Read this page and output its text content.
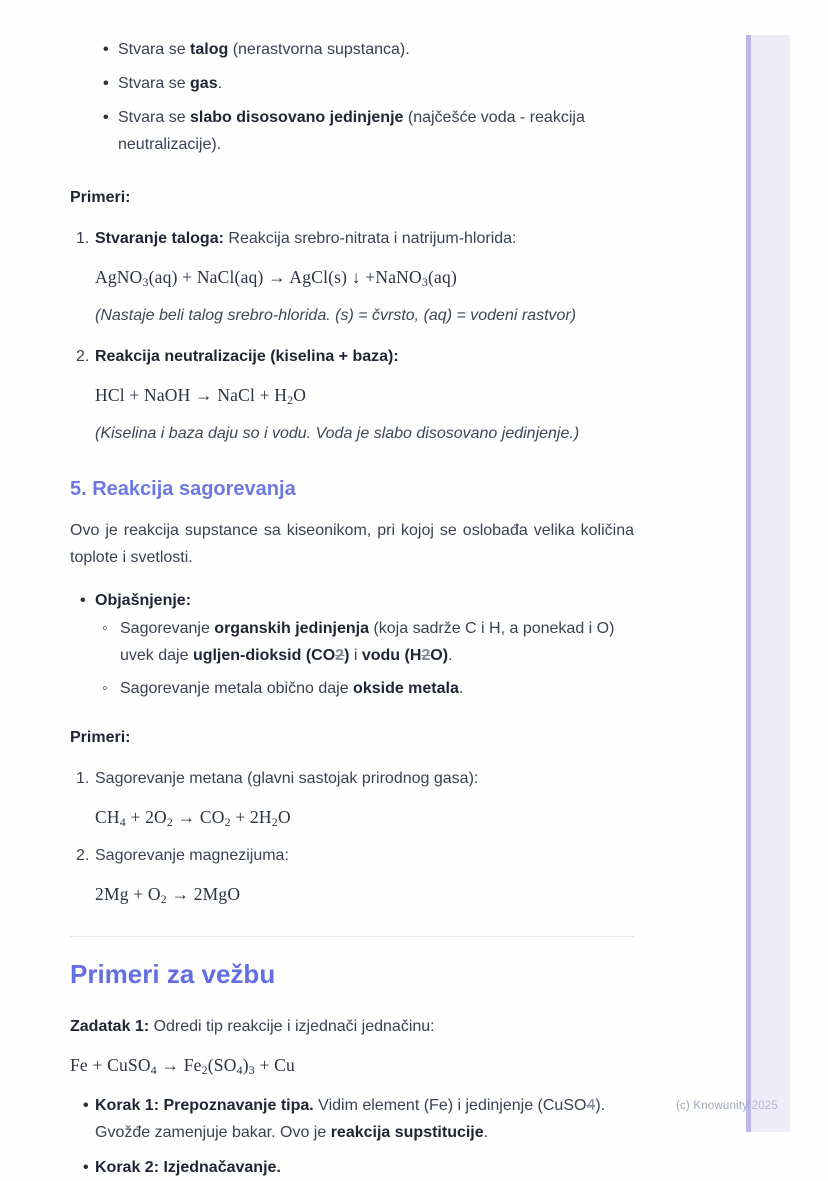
• Stvara se talog (nerastvorna supstanca).
• Stvara se gas.
• Stvara se slabo disosovano jedinjenje (najčešće voda - reakcija neutralizacije).

Primeri:

1. Stvaranje taloga: Reakcija srebro-nitrata i natrijum-hlorida:
AgNO3(aq) + NaCl(aq) → AgCl(s) ↓ +NaNO3(aq)
(Nastaje beli talog srebro-hlorida. (s) = čvrsto, (aq) = vodeni rastvor)
2. Reakcija neutralizacije (kiselina + baza):
HCl + NaOH → NaCl + H2O
(Kiselina i baza daju so i vodu. Voda je slabo disosovano jedinjenje.)
5. Reakcija sagorevanja

Ovo je reakcija supstance sa kiseonikom, pri kojoj se oslobađa velika količina toplote i svetlosti.

• Objašnjenje:
◦ Sagorevanje organskih jedinjenja (koja sadrže C i H, a ponekad i O) uvek daje ugljen-dioksid (CO2) i vodu (H2O).
◦ Sagorevanje metala obično daje okside metala.

Primeri:

1. Sagorevanje metana (glavni sastojak prirodnog gasa):
CH4 + 2O2 → CO2 + 2H2O
2. Sagorevanje magnezijuma:
2Mg + O2 → 2MgO
Primeri za vežbu

Zadatak 1: Odredi tip reakcije i izjednači jednačinu:

Fe + CuSO4 → Fe2(SO4)3 + Cu
• Korak 1: Prepoznavanje tipa. Vidim element (Fe) i jedinjenje (CuSO4). Gvožđe zamenjuje bakar. Ovo je reakcija supstitucije.
• Korak 2: Izjednačavanje.
(c) Knowunity 2025
